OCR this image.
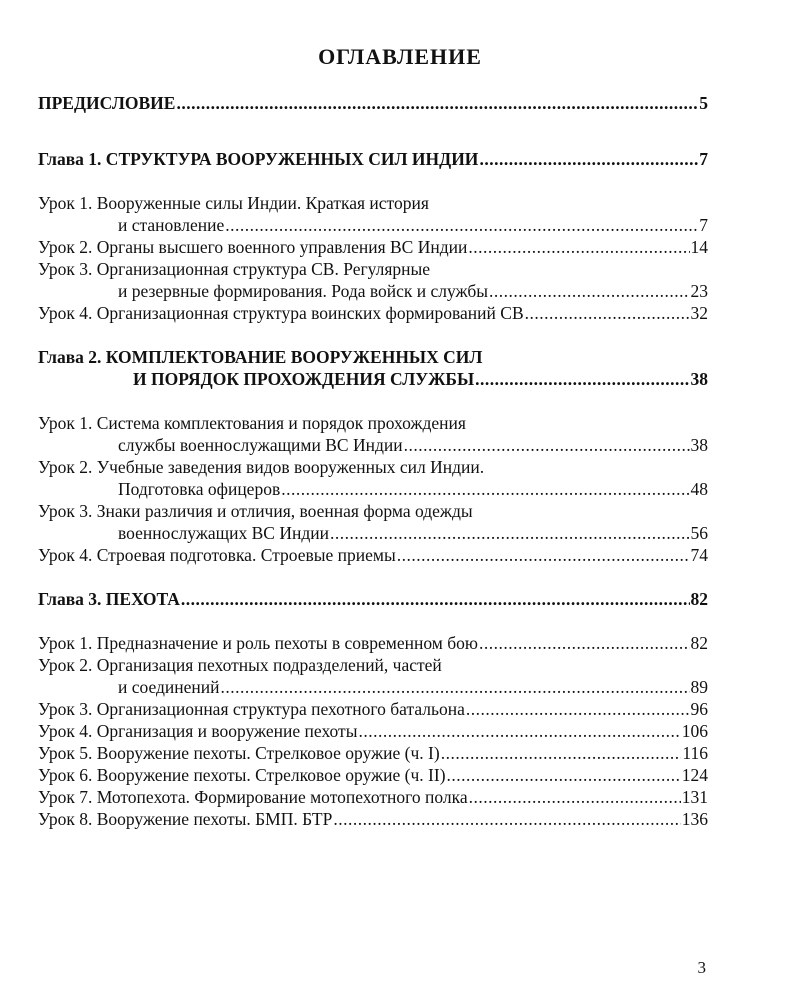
ОГЛАВЛЕНИЕ
ПРЕДИСЛОВИЕ .....	5
Глава 1. СТРУКТУРА ВООРУЖЕННЫХ СИЛ ИНДИИ .....	7
Урок 1. Вооруженные силы Индии. Краткая история
и становление .....	7
Урок 2. Органы высшего военного управления ВС Индии .....	14
Урок 3. Организационная структура СВ. Регулярные
и резервные формирования. Рода войск и службы .....	23
Урок 4. Организационная структура воинских формирований СВ .....	32
Глава 2. КОМПЛЕКТОВАНИЕ ВООРУЖЕННЫХ СИЛ
И ПОРЯДОК ПРОХОЖДЕНИЯ СЛУЖБЫ .....	38
Урок 1. Система комплектования и порядок прохождения
службы военнослужащими ВС Индии .....	38
Урок 2. Учебные заведения видов вооруженных сил Индии.
Подготовка офицеров .....	48
Урок 3. Знаки различия и отличия, военная форма одежды
военнослужащих ВС Индии .....	56
Урок 4. Строевая подготовка. Строевые приемы .....	74
Глава 3. ПЕХОТА .....	82
Урок 1. Предназначение и роль пехоты в современном бою .....	82
Урок 2. Организация пехотных подразделений, частей
и соединений .....	89
Урок 3. Организационная структура пехотного батальона .....	96
Урок 4. Организация и вооружение пехоты .....	106
Урок 5. Вооружение пехоты. Стрелковое оружие (ч. I) .....	116
Урок 6. Вооружение пехоты. Стрелковое оружие (ч. II) .....	124
Урок 7. Мотопехота. Формирование мотопехотного полка .....	131
Урок 8. Вооружение пехоты. БМП. БТР .....	136
3
